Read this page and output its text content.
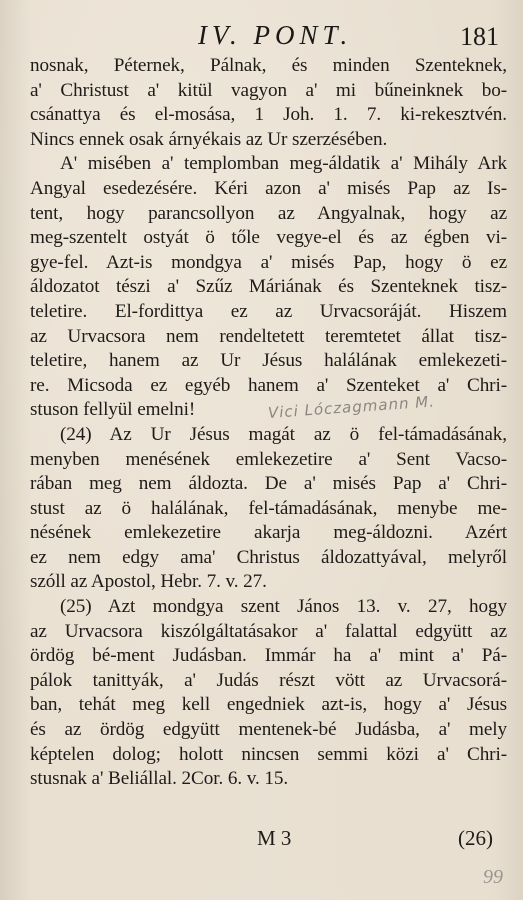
IV. PONT.	181
nosnak, Péternek, Pálnak, és minden Szenteknek,
a' Christust a' kitül vagyon a' mi bűneinknek bo-
csánattya és el-mosása, 1 Joh. 1. 7. ki-rekesztvén.
Nincs ennek osak árnyékais az Ur szerzésében.
A' misében a' templomban meg-áldatik a' Mihály Ark
Angyal esedezésére. Kéri azon a' misés Pap az Is-
tent, hogy parancsollyon az Angyalnak, hogy az
meg-szentelt ostyát ö tőle vegye-el és az égben vi-
gye-fel. Azt-is mondgya a' misés Pap, hogy ö ez
áldozatot tészi a' Szűz Máriának és Szenteknek tisz-
teletire. El-fordittya ez az Urvacsoráját. Hiszem
az Urvacsora nem rendeltetett teremtetet állat tisz-
teletire, hanem az Ur Jésus halálának emlekezeti-
re. Micsoda ez egyéb hanem a' Szenteket a' Chri-
stuson fellyül emelni!
(24) Az Ur Jésus magát az ö fel-támadásának,
menyben menésének emlekezetire a' Sent Vacso-
rában meg nem áldozta. De a' misés Pap a' Chri-
stust az ö halálának, fel-támadásának, menybe me-
nésének emlekezetire akarja meg-áldozni. Azért
ez nem edgy ama' Christus áldozattyával, melyről
szóll az Apostol, Hebr. 7. v. 27.
(25) Azt mondgya szent János 13. v. 27, hogy
az Urvacsora kiszólgáltatásakor a' falattal edgyütt az
ördög bé-ment Judásban. Immár ha a' mint a' Pá-
pálok tanittyák, a' Judás részt vött az Urvacsorá-
ban, tehát meg kell engedniek azt-is, hogy a' Jésus
és az ördög edgyütt mentenek-bé Judásba, a' mely
képtelen dolog; holott nincsen semmi közi a' Chri-
stusnak a' Beliállal. 2Cor. 6. v. 15.
Vici Lóczagmann M.
M 3	(26)
99
